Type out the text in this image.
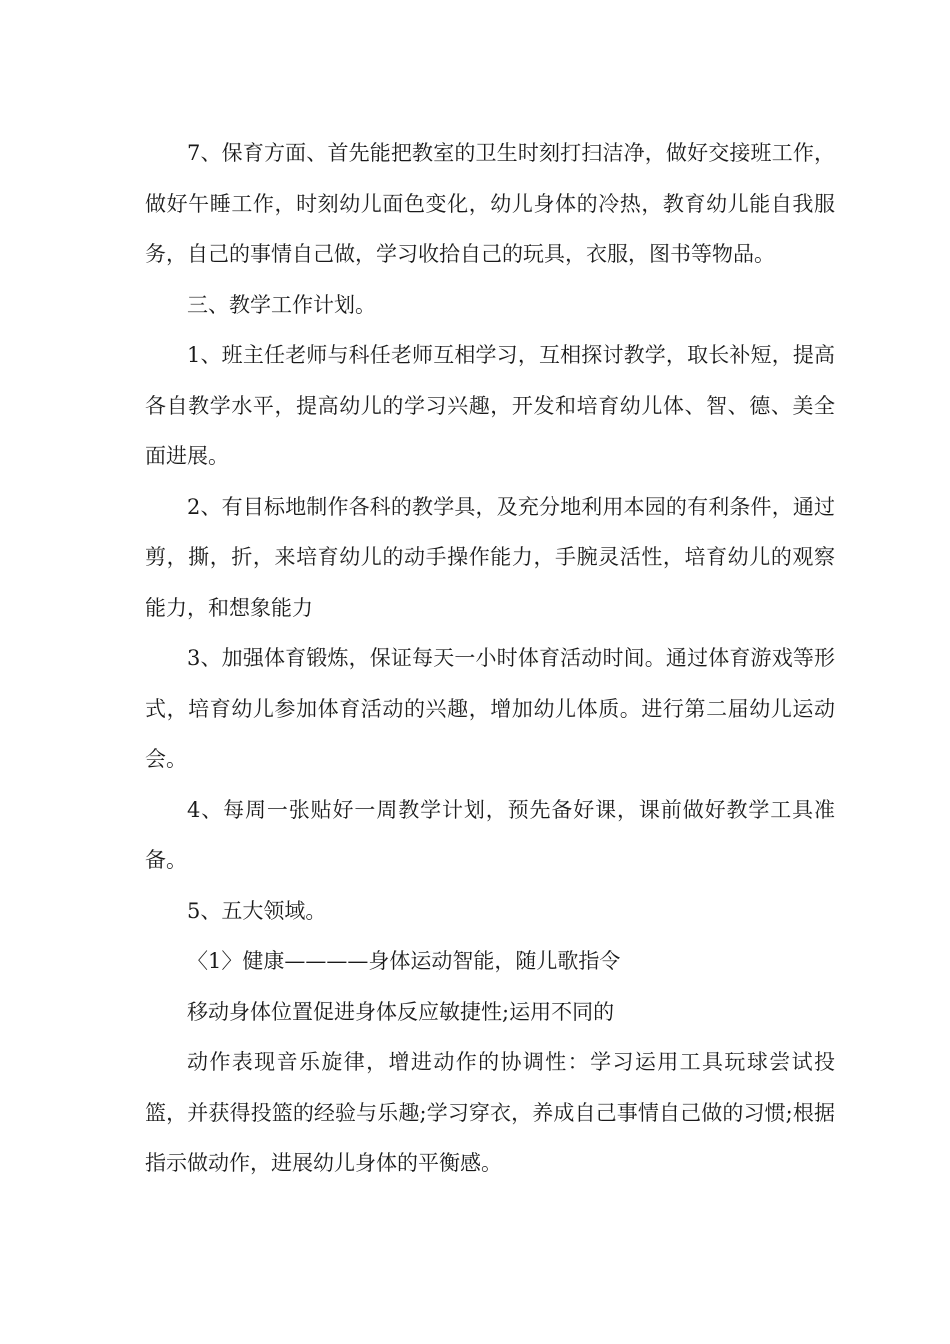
7、保育方面、首先能把教室的卫生时刻打扫洁净，做好交接班工作，做好午睡工作，时刻幼儿面色变化，幼儿身体的冷热，教育幼儿能自我服务，自己的事情自己做，学习收拾自己的玩具，衣服，图书等物品。

三、教学工作计划。

1、班主任老师与科任老师互相学习，互相探讨教学，取长补短，提高各自教学水平，提高幼儿的学习兴趣，开发和培育幼儿体、智、德、美全面进展。

2、有目标地制作各科的教学具，及充分地利用本园的有利条件，通过剪，撕，折，来培育幼儿的动手操作能力，手腕灵活性，培育幼儿的观察能力，和想象能力

3、加强体育锻炼，保证每天一小时体育活动时间。通过体育游戏等形式，培育幼儿参加体育活动的兴趣，增加幼儿体质。进行第二届幼儿运动会。

4、每周一张贴好一周教学计划，预先备好课，课前做好教学工具准备。

5、五大领域。

〈1〉健康————身体运动智能，随儿歌指令

移动身体位置促进身体反应敏捷性;运用不同的

动作表现音乐旋律，增进动作的协调性：学习运用工具玩球尝试投篮，并获得投篮的经验与乐趣;学习穿衣，养成自己事情自己做的习惯;根据指示做动作，进展幼儿身体的平衡感。
